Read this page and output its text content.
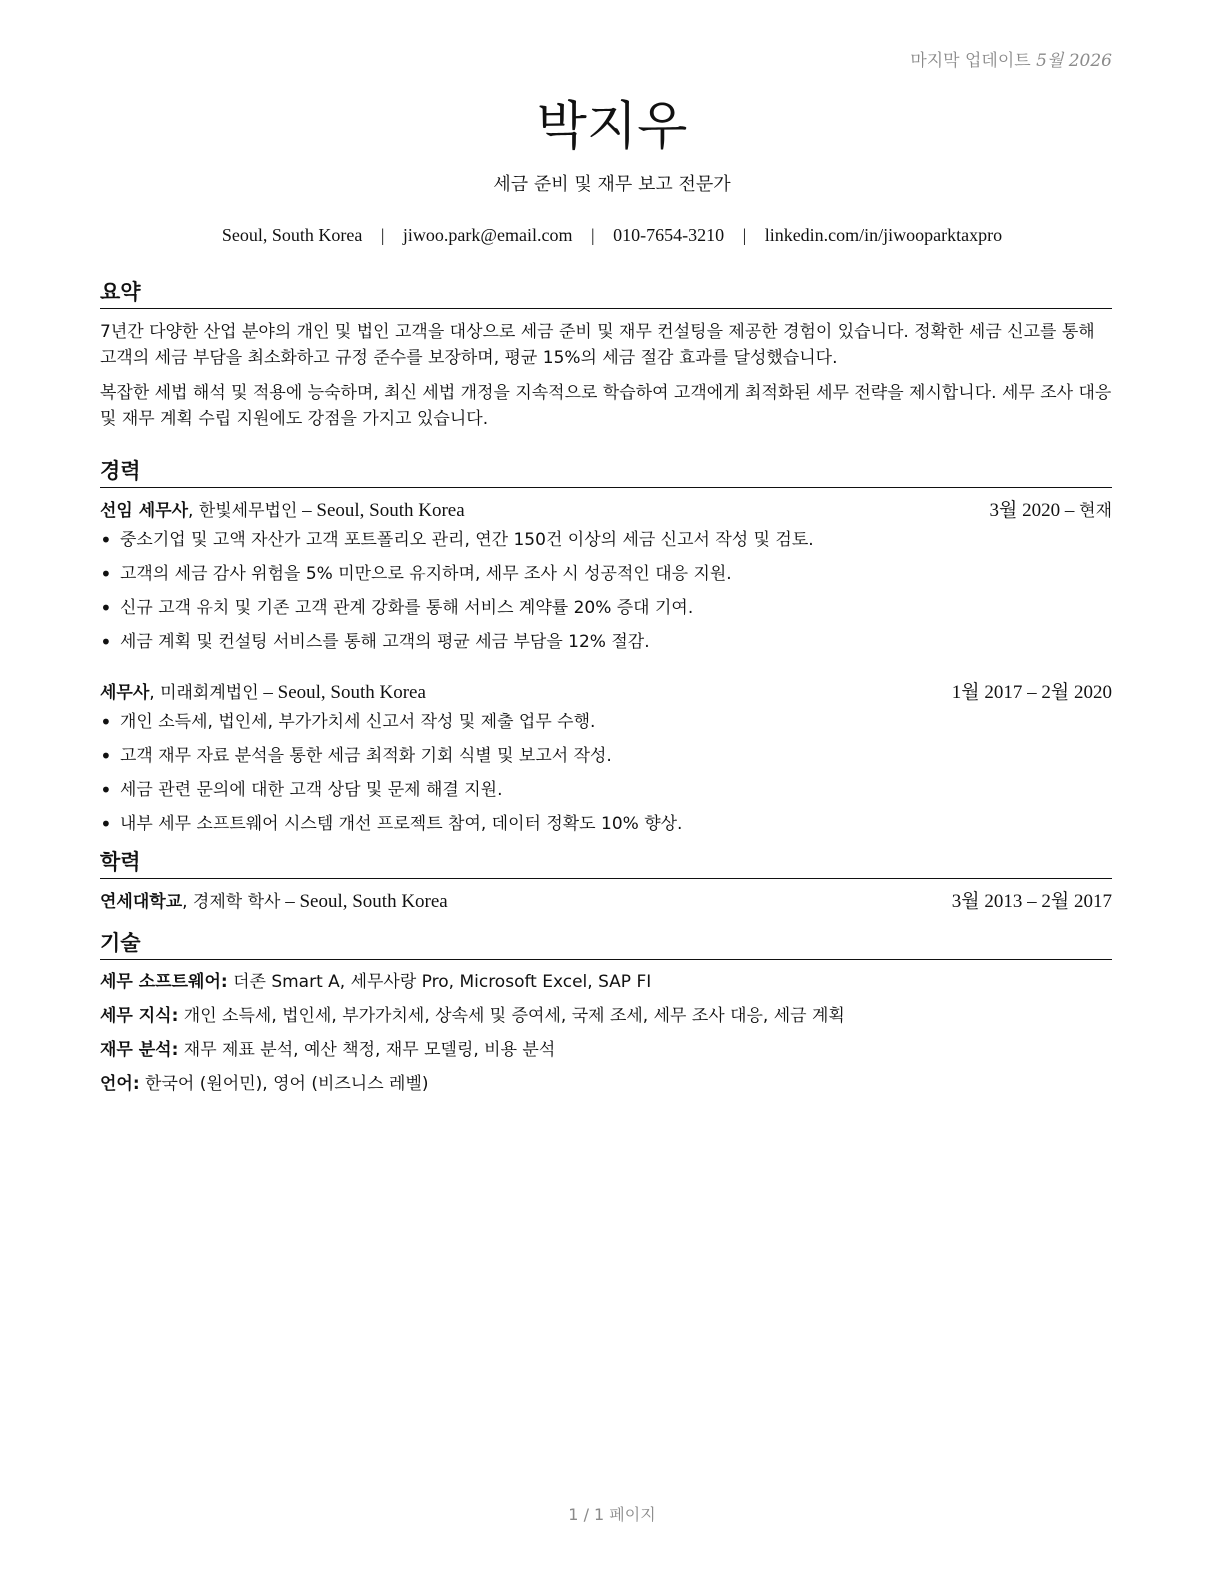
마지막 업데이트 5월 2026
박지우
세금 준비 및 재무 보고 전문가
Seoul, South Korea | jiwoo.park@email.com | 010-7654-3210 | linkedin.com/in/jiwooparktaxpro
요약

7년간 다양한 산업 분야의 개인 및 법인 고객을 대상으로 세금 준비 및 재무 컨설팅을 제공한 경험이 있습니다. 정확한 세금 신고를 통해 고객의 세금 부담을 최소화하고 규정 준수를 보장하며, 평균 15%의 세금 절감 효과를 달성했습니다.

복잡한 세법 해석 및 적용에 능숙하며, 최신 세법 개정을 지속적으로 학습하여 고객에게 최적화된 세무 전략을 제시합니다. 세무 조사 대응 및 재무 계획 수립 지원에도 강점을 가지고 있습니다.

경력
선임 세무사, 한빛세무법인 – Seoul, South Korea	3월 2020 – 현재
• 중소기업 및 고액 자산가 고객 포트폴리오 관리, 연간 150건 이상의 세금 신고서 작성 및 검토.
• 고객의 세금 감사 위험을 5% 미만으로 유지하며, 세무 조사 시 성공적인 대응 지원.
• 신규 고객 유치 및 기존 고객 관계 강화를 통해 서비스 계약률 20% 증대 기여.
• 세금 계획 및 컨설팅 서비스를 통해 고객의 평균 세금 부담을 12% 절감.
세무사, 미래회계법인 – Seoul, South Korea	1월 2017 – 2월 2020
• 개인 소득세, 법인세, 부가가치세 신고서 작성 및 제출 업무 수행.
• 고객 재무 자료 분석을 통한 세금 최적화 기회 식별 및 보고서 작성.
• 세금 관련 문의에 대한 고객 상담 및 문제 해결 지원.
• 내부 세무 소프트웨어 시스템 개선 프로젝트 참여, 데이터 정확도 10% 향상.
학력
연세대학교, 경제학 학사 – Seoul, South Korea	3월 2013 – 2월 2017
기술
세무 소프트웨어: 더존 Smart A, 세무사랑 Pro, Microsoft Excel, SAP FI
세무 지식: 개인 소득세, 법인세, 부가가치세, 상속세 및 증여세, 국제 조세, 세무 조사 대응, 세금 계획
재무 분석: 재무 제표 분석, 예산 책정, 재무 모델링, 비용 분석
언어: 한국어 (원어민), 영어 (비즈니스 레벨)
1 / 1 페이지
